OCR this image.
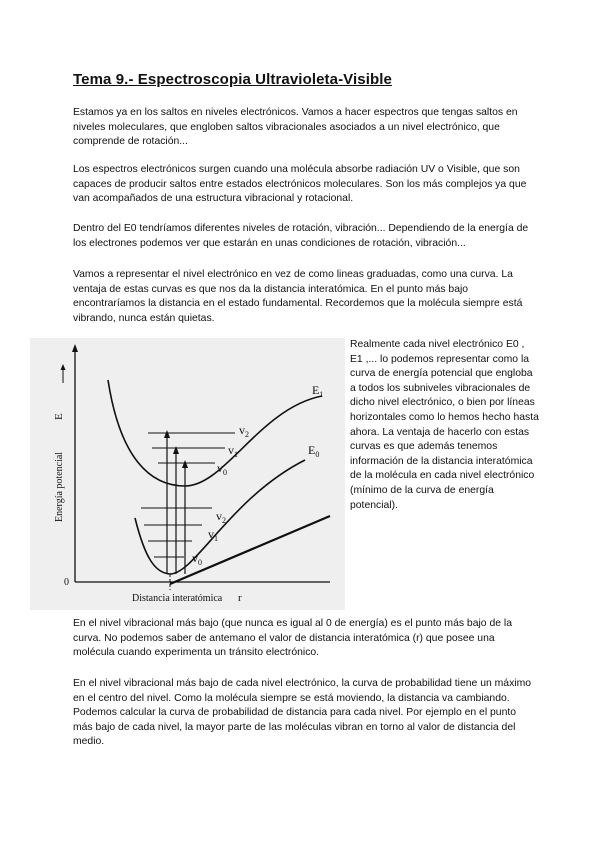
Tema 9.- Espectroscopia Ultravioleta-Visible

Estamos ya en los saltos en niveles electrónicos. Vamos a hacer espectros que tengas saltos en niveles moleculares, que engloben saltos vibracionales asociados a un nivel electrónico, que comprende de rotación...

Los espectros electrónicos surgen cuando una molécula absorbe radiación UV o Visible, que son capaces de producir saltos entre estados electrónicos moleculares. Son los más complejos ya que van acompañados de una estructura vibracional y rotacional.

Dentro del E0 tendríamos diferentes niveles de rotación, vibración... Dependiendo de la energía de los electrones podemos ver que estarán en unas condiciones de rotación, vibración...

Vamos a representar el nivel electrónico en vez de como lineas graduadas, como una curva. La ventaja de estas curvas es que nos da la distancia interatómica. En el punto más bajo encontraríamos la distancia en el estado fundamental. Recordemos que la molécula siempre está vibrando, nunca están quietas.

$E_1$
$E_0$
$v_2$
$v_1$
$v_0$
$v_2$
$v_1$
$v_0$
Energía potencial
E
0
Distancia interatómica r

Realmente cada nivel electrónico E0 , E1 ,... lo podemos representar como la curva de energía potencial que engloba a todos los subniveles vibracionales de dicho nivel electrónico, o bien por líneas horizontales como lo hemos hecho hasta ahora. La ventaja de hacerlo con estas curvas es que además tenemos información de la distancia interatómica de la molécula en cada nivel electrónico (mínimo de la curva de energía potencial).

En el nivel vibracional más bajo (que nunca es igual al 0 de energía) es el punto más bajo de la curva. No podemos saber de antemano el valor de distancia interatómica (r) que posee una molécula cuando experimenta un tránsito electrónico.

En el nivel vibracional más bajo de cada nivel electrónico, la curva de probabilidad tiene un máximo en el centro del nivel. Como la molécula siempre se está moviendo, la distancia va cambiando. Podemos calcular la curva de probabilidad de distancia para cada nivel. Por ejemplo en el punto más bajo de cada nivel, la mayor parte de las moléculas vibran en torno al valor de distancia del medio.
